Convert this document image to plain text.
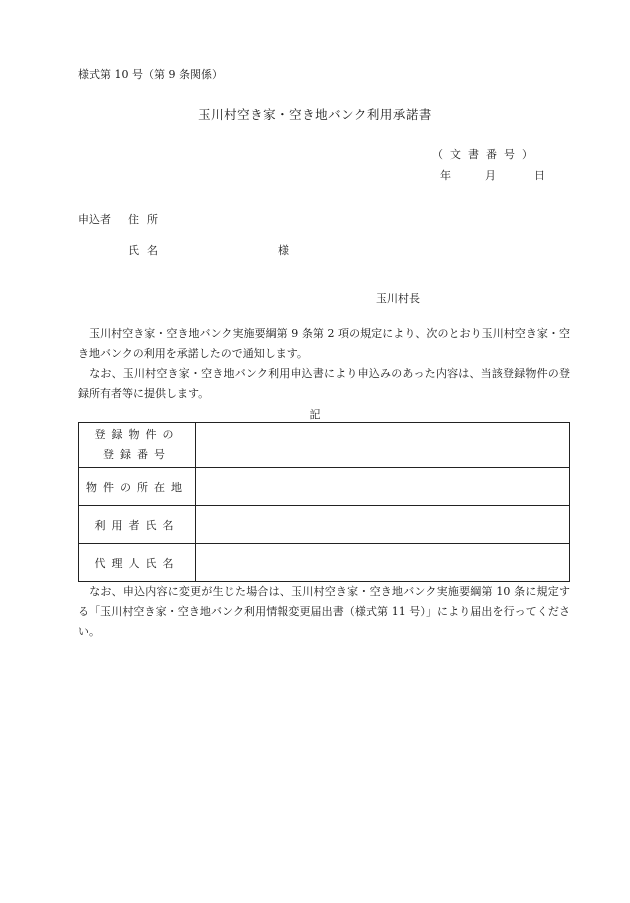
様式第 10 号（第 9 条関係）
玉川村空き家・空き地バンク利用承諾書
（文書番号）
年	月	日
申込者 住所
氏名	様
玉川村長
　玉川村空き家・空き地バンク実施要綱第 9 条第 2 項の規定により、次のとおり玉川村空き家・空き地バンクの利用を承諾したので通知します。
　なお、玉川村空き家・空き地バンク利用申込書により申込みのあった内容は、当該登録物件の登録所有者等に提供します。
記
登録物件の
登録番号	

物件の所在地	
利用者氏名	
代理人氏名	
　なお、申込内容に変更が生じた場合は、玉川村空き家・空き地バンク実施要綱第 10 条に規定する「玉川村空き家・空き地バンク利用情報変更届出書（様式第 11 号）」により届出を行ってください。
